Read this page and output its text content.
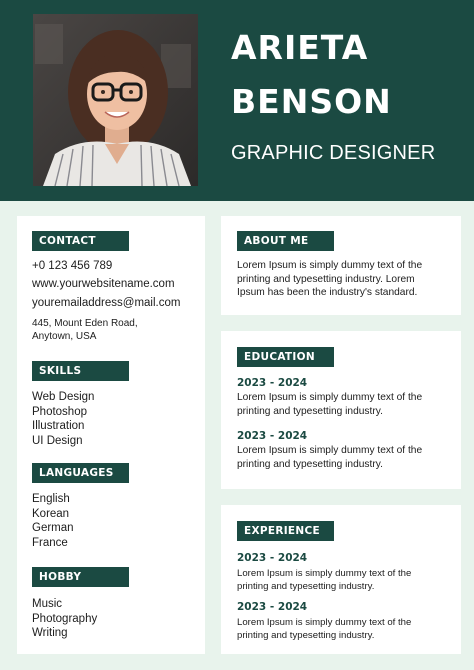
ARIETA
BENSON
GRAPHIC DESIGNER
CONTACT
+0 123 456 789
www.yourwebsitename.com
youremailaddress@mail.com
445, Mount Eden Road,
Anytown, USA
SKILLS
Web Design
Photoshop
Illustration
UI Design
LANGUAGES
English
Korean
German
France
HOBBY
Music
Photography
Writing
ABOUT ME
Lorem Ipsum is simply dummy text of the
printing and typesetting industry. Lorem
Ipsum has been the industry's standard.
EDUCATION
2023 - 2024
Lorem Ipsum is simply dummy text of the
printing and typesetting industry.
2023 - 2024
Lorem Ipsum is simply dummy text of the
printing and typesetting industry.
EXPERIENCE
2023 - 2024
Lorem Ipsum is simply dummy text of the
printing and typesetting industry.
2023 - 2024
Lorem Ipsum is simply dummy text of the
printing and typesetting industry.
